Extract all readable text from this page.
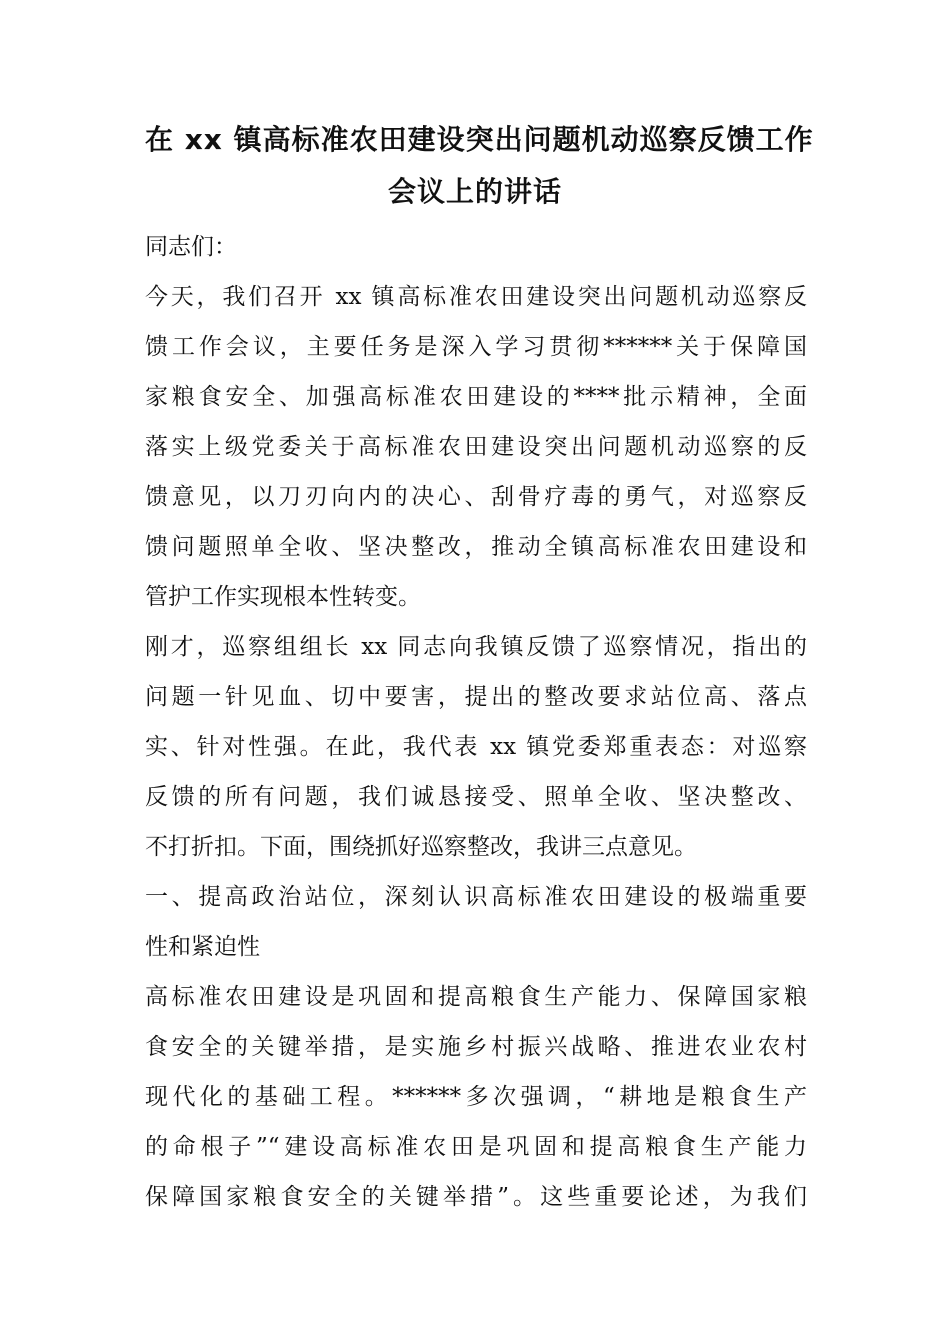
在 xx 镇高标准农田建设突出问题机动巡察反馈工作
会议上的讲话

同志们：

今天，我们召开 xx 镇高标准农田建设突出问题机动巡察反

馈工作会议，主要任务是深入学习贯彻******关于保障国

家粮食安全、加强高标准农田建设的****批示精神，全面

落实上级党委关于高标准农田建设突出问题机动巡察的反

馈意见，以刀刃向内的决心、刮骨疗毒的勇气，对巡察反

馈问题照单全收、坚决整改，推动全镇高标准农田建设和

管护工作实现根本性转变。

刚才，巡察组组长 xx 同志向我镇反馈了巡察情况，指出的

问题一针见血、切中要害，提出的整改要求站位高、落点

实、针对性强。在此，我代表 xx 镇党委郑重表态：对巡察

反馈的所有问题，我们诚恳接受、照单全收、坚决整改、

不打折扣。下面，围绕抓好巡察整改，我讲三点意见。

一、提高政治站位，深刻认识高标准农田建设的极端重要

性和紧迫性

高标准农田建设是巩固和提高粮食生产能力、保障国家粮

食安全的关键举措，是实施乡村振兴战略、推进农业农村

现代化的基础工程。******多次强调，“耕地是粮食生产

的命根子”“建设高标准农田是巩固和提高粮食生产能力

保障国家粮食安全的关键举措”。这些重要论述，为我们
